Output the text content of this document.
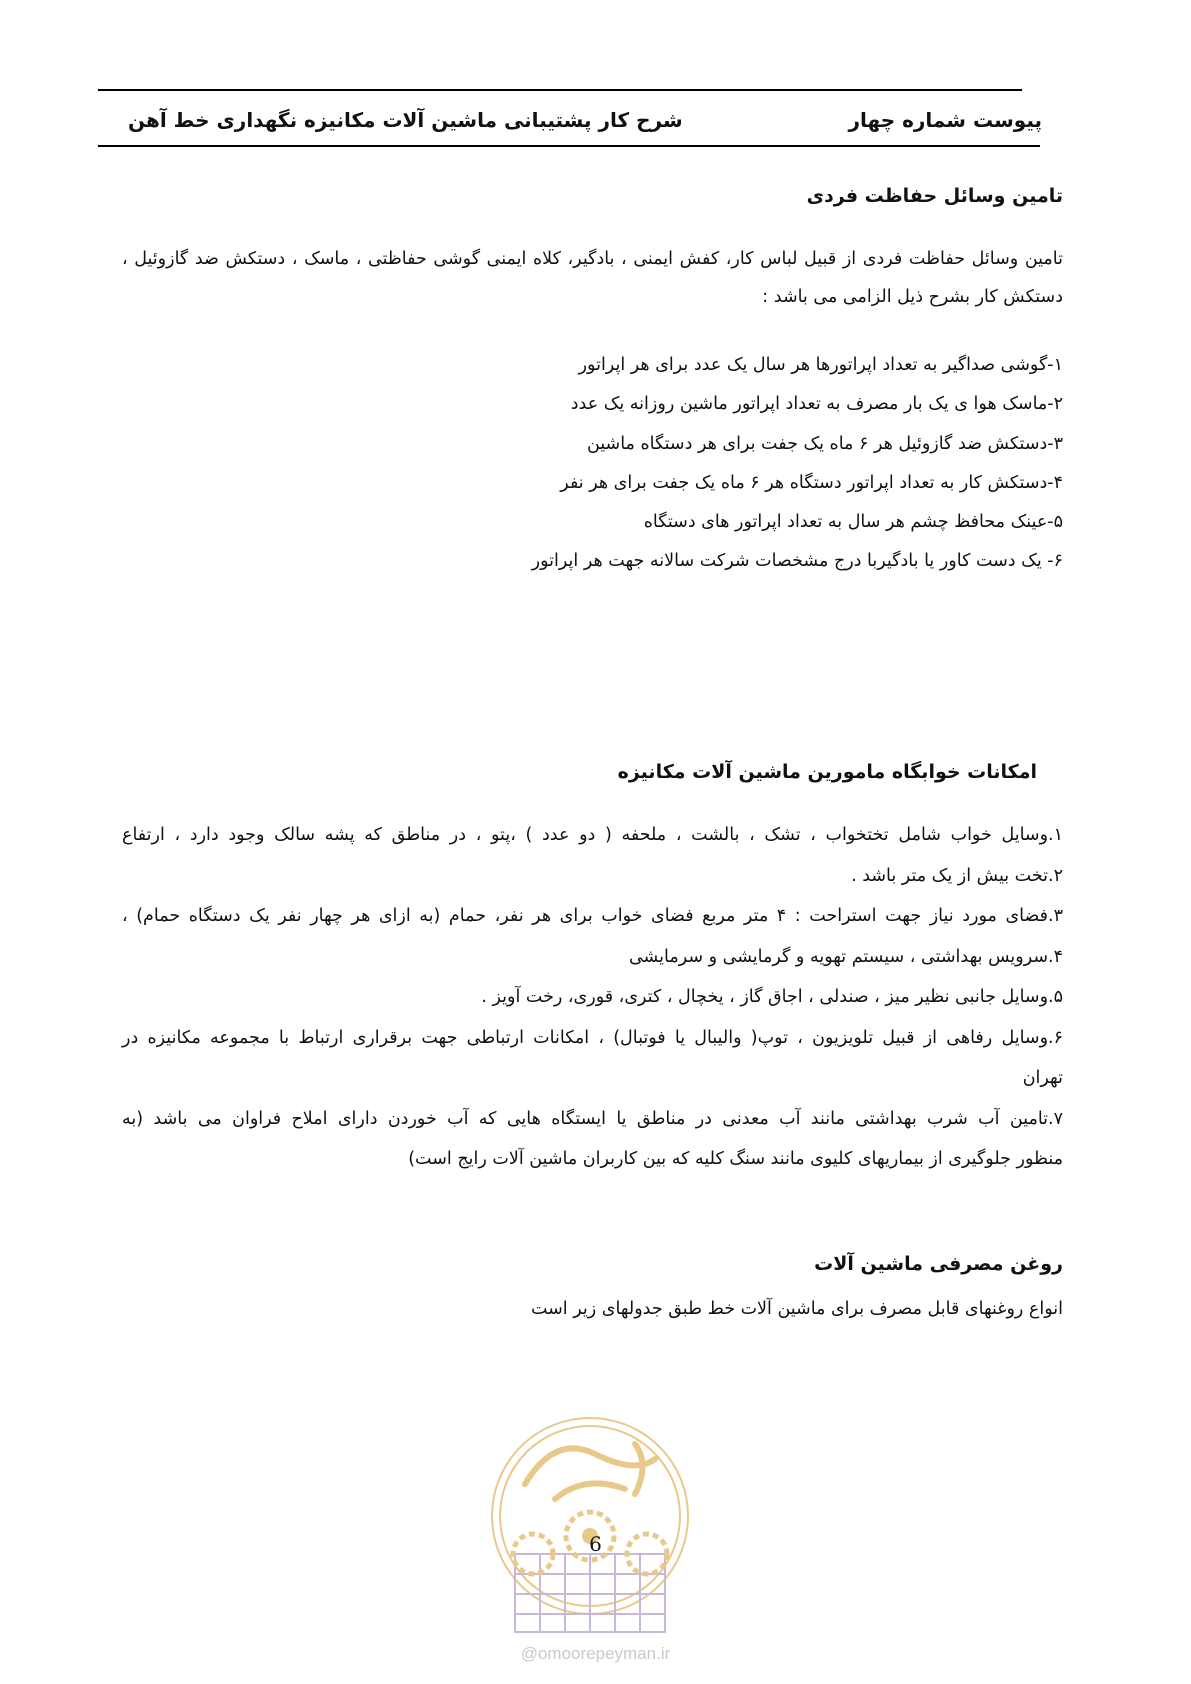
پیوست شماره چهار
شرح کار پشتیبانی ماشین آلات مکانیزه نگهداری خط آهن
تامین وسائل حفاظت فردی
تامین وسائل حفاظت فردی از قبیل لباس کار، کفش ایمنی ، بادگیر، کلاه ایمنی گوشی حفاظتی ، ماسک ، دستکش ضد گازوئیل ، دستکش کار بشرح ذیل الزامی می باشد :
۱-گوشی صداگیر به تعداد اپراتورها هر سال یک عدد برای هر اپراتور
۲-ماسک هوا ی یک بار مصرف به تعداد اپراتور ماشین روزانه یک عدد
۳-دستکش ضد گازوئیل هر ۶ ماه یک جفت برای هر دستگاه ماشین
۴-دستکش کار به تعداد اپراتور دستگاه هر ۶ ماه یک جفت برای هر نفر
۵-عینک محافظ چشم هر سال به تعداد اپراتور های دستگاه
۶- یک دست کاور یا بادگیربا درج مشخصات شرکت سالانه جهت هر اپراتور
امکانات خوابگاه مامورین ماشین آلات مکانیزه
۱.وسایل خواب شامل تختخواب ، تشک ، بالشت ، ملحفه ( دو عدد ) ،پتو ، در مناطق که پشه سالک وجود دارد ، ارتفاع
۲.تخت بیش از یک متر باشد .
۳.فضای مورد نیاز جهت استراحت : ۴ متر مربع فضای خواب برای هر نفر، حمام (به ازای هر چهار نفر یک دستگاه حمام) ،
۴.سرویس بهداشتی ، سیستم تهویه و گرمایشی و سرمایشی
۵.وسایل جانبی نظیر میز ، صندلی ، اجاق گاز ، یخچال ، کتری، قوری، رخت آویز .
۶.وسایل رفاهی از قبیل تلویزیون ، توپ( والیبال یا فوتبال) ، امکانات ارتباطی جهت برقراری ارتباط با مجموعه مکانیزه در
تهران
۷.تامین آب شرب بهداشتی مانند آب معدنی در مناطق یا ایستگاه هایی که آب خوردن دارای املاح فراوان می باشد (به
منظور جلوگیری از بیماریهای کلیوی مانند سنگ کلیه که بین کاربران ماشین آلات رایج است)
روغن مصرفی ماشین آلات
انواع روغنهای قابل مصرف برای ماشین آلات خط طبق جدولهای زیر است
6
@omoorepeyman.ir
